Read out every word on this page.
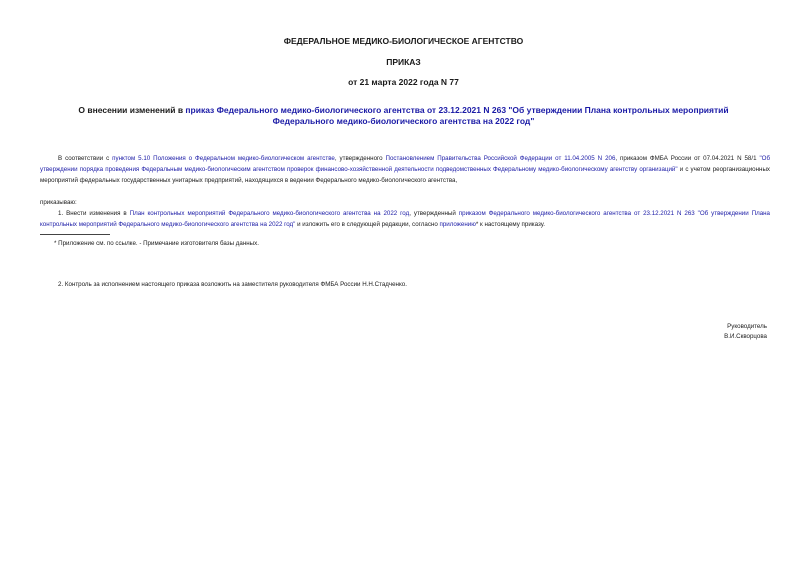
ФЕДЕРАЛЬНОЕ МЕДИКО-БИОЛОГИЧЕСКОЕ АГЕНТСТВО
ПРИКАЗ
от 21 марта 2022 года N 77
О внесении изменений в приказ Федерального медико-биологического агентства от 23.12.2021 N 263 "Об утверждении Плана контрольных мероприятий Федерального медико-биологического агентства на 2022 год"
В соответствии с пунктом 5.10 Положения о Федеральном медико-биологическом агентстве, утвержденного Постановлением Правительства Российской Федерации от 11.04.2005 N 206, приказом ФМБА России от 07.04.2021 N 58/1 "Об утверждении порядка проведения Федеральным медико-биологическим агентством проверок финансово-хозяйственной деятельности подведомственных Федеральному медико-биологическому агентству организаций" и с учетом реорганизационных мероприятий федеральных государственных унитарных предприятий, находящихся в ведении Федерального медико-биологического агентства,
приказываю:
1. Внести изменения в План контрольных мероприятий Федерального медико-биологического агентства на 2022 год, утвержденный приказом Федерального медико-биологического агентства от 23.12.2021 N 263 "Об утверждении Плана контрольных мероприятий Федерального медико-биологического агентства на 2022 год" и изложить его в следующей редакции, согласно приложению* к настоящему приказу.
* Приложение см. по ссылке. - Примечание изготовителя базы данных.
2. Контроль за исполнением настоящего приказа возложить на заместителя руководителя ФМБА России Н.Н.Стадченко.
Руководитель
В.И.Скворцова
